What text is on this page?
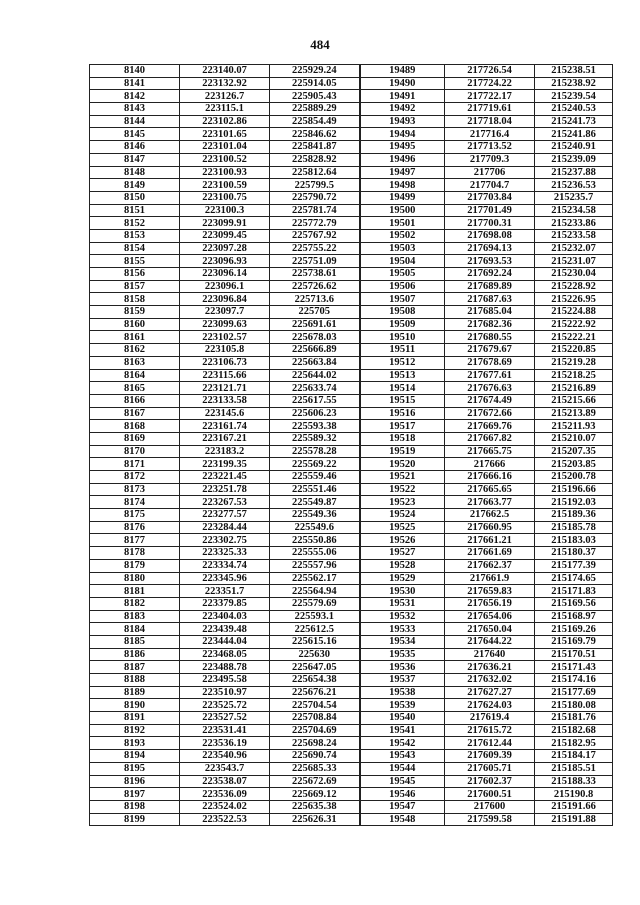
484
8140	223140.07	225929.24	19489	217726.54	215238.51
8141	223132.92	225914.05	19490	217724.22	215238.92
8142	223126.7	225905.43	19491	217722.17	215239.54
8143	223115.1	225889.29	19492	217719.61	215240.53
8144	223102.86	225854.49	19493	217718.04	215241.73
8145	223101.65	225846.62	19494	217716.4	215241.86
8146	223101.04	225841.87	19495	217713.52	215240.91
8147	223100.52	225828.92	19496	217709.3	215239.09
8148	223100.93	225812.64	19497	217706	215237.88
8149	223100.59	225799.5	19498	217704.7	215236.53
8150	223100.75	225790.72	19499	217703.84	215235.7
8151	223100.3	225781.74	19500	217701.49	215234.58
8152	223099.91	225772.79	19501	217700.31	215233.86
8153	223099.45	225767.92	19502	217698.08	215233.58
8154	223097.28	225755.22	19503	217694.13	215232.07
8155	223096.93	225751.09	19504	217693.53	215231.07
8156	223096.14	225738.61	19505	217692.24	215230.04
8157	223096.1	225726.62	19506	217689.89	215228.92
8158	223096.84	225713.6	19507	217687.63	215226.95
8159	223097.7	225705	19508	217685.04	215224.88
8160	223099.63	225691.61	19509	217682.36	215222.92
8161	223102.57	225678.03	19510	217680.55	215222.21
8162	223105.8	225666.89	19511	217679.67	215220.85
8163	223106.73	225663.84	19512	217678.69	215219.28
8164	223115.66	225644.02	19513	217677.61	215218.25
8165	223121.71	225633.74	19514	217676.63	215216.89
8166	223133.58	225617.55	19515	217674.49	215215.66
8167	223145.6	225606.23	19516	217672.66	215213.89
8168	223161.74	225593.38	19517	217669.76	215211.93
8169	223167.21	225589.32	19518	217667.82	215210.07
8170	223183.2	225578.28	19519	217665.75	215207.35
8171	223199.35	225569.22	19520	217666	215203.85
8172	223221.45	225559.46	19521	217666.16	215200.78
8173	223251.78	225551.46	19522	217665.65	215196.66
8174	223267.53	225549.87	19523	217663.77	215192.03
8175	223277.57	225549.36	19524	217662.5	215189.36
8176	223284.44	225549.6	19525	217660.95	215185.78
8177	223302.75	225550.86	19526	217661.21	215183.03
8178	223325.33	225555.06	19527	217661.69	215180.37
8179	223334.74	225557.96	19528	217662.37	215177.39
8180	223345.96	225562.17	19529	217661.9	215174.65
8181	223351.7	225564.94	19530	217659.83	215171.83
8182	223379.85	225579.69	19531	217656.19	215169.56
8183	223404.03	225593.1	19532	217654.06	215168.97
8184	223439.48	225612.5	19533	217650.04	215169.26
8185	223444.04	225615.16	19534	217644.22	215169.79
8186	223468.05	225630	19535	217640	215170.51
8187	223488.78	225647.05	19536	217636.21	215171.43
8188	223495.58	225654.38	19537	217632.02	215174.16
8189	223510.97	225676.21	19538	217627.27	215177.69
8190	223525.72	225704.54	19539	217624.03	215180.08
8191	223527.52	225708.84	19540	217619.4	215181.76
8192	223531.41	225704.69	19541	217615.72	215182.68
8193	223536.19	225698.24	19542	217612.44	215182.95
8194	223540.96	225690.74	19543	217609.39	215184.17
8195	223543.7	225685.33	19544	217605.71	215185.51
8196	223538.07	225672.69	19545	217602.37	215188.33
8197	223536.09	225669.12	19546	217600.51	215190.8
8198	223524.02	225635.38	19547	217600	215191.66
8199	223522.53	225626.31	19548	217599.58	215191.88
